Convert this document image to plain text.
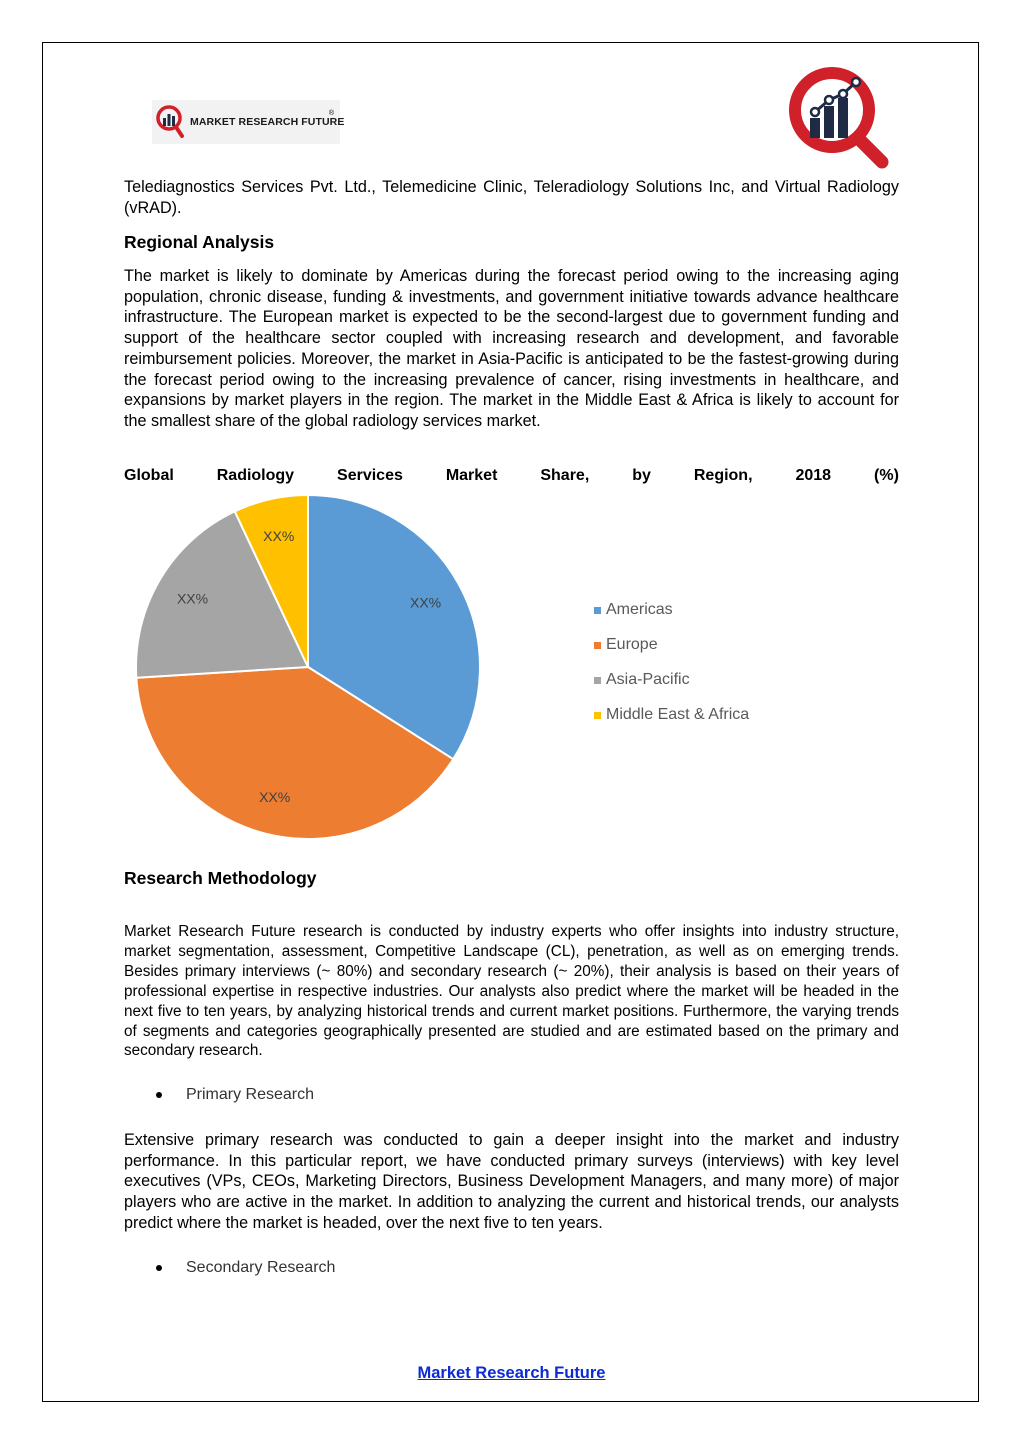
MARKET RESEARCH FUTURE
®
Telediagnostics Services Pvt. Ltd., Telemedicine Clinic, Teleradiology Solutions Inc, and Virtual Radiology (vRAD).
Regional Analysis
The market is likely to dominate by Americas during the forecast period owing to the increasing aging population, chronic disease, funding & investments, and government initiative towards advance healthcare infrastructure. The European market is expected to be the second-largest due to government funding and support of the healthcare sector coupled with increasing research and development, and favorable reimbursement policies. Moreover, the market in Asia-Pacific is anticipated to be the fastest-growing during the forecast period owing to the increasing prevalence of cancer, rising investments in healthcare, and expansions by market players in the region. The market in the Middle East & Africa is likely to account for the smallest share of the global radiology services market.
Global	Radiology	Services	Market	Share,	by	Region,	2018	(%)
XX%
XX%
XX%
XX%
Americas
Europe
Asia-Pacific
Middle East & Africa
Research Methodology
Market Research Future research is conducted by industry experts who offer insights into industry structure, market segmentation, assessment, Competitive Landscape (CL), penetration, as well as on emerging trends. Besides primary interviews (~ 80%) and secondary research (~ 20%), their analysis is based on their years of professional expertise in respective industries. Our analysts also predict where the market will be headed in the next five to ten years, by analyzing historical trends and current market positions. Furthermore, the varying trends of segments and categories geographically presented are studied and are estimated based on the primary and secondary research.
Primary Research
Extensive primary research was conducted to gain a deeper insight into the market and industry performance. In this particular report, we have conducted primary surveys (interviews) with key level executives (VPs, CEOs, Marketing Directors, Business Development Managers, and many more) of major players who are active in the market. In addition to analyzing the current and historical trends, our analysts predict where the market is headed, over the next five to ten years.
Secondary Research
Market Research Future
